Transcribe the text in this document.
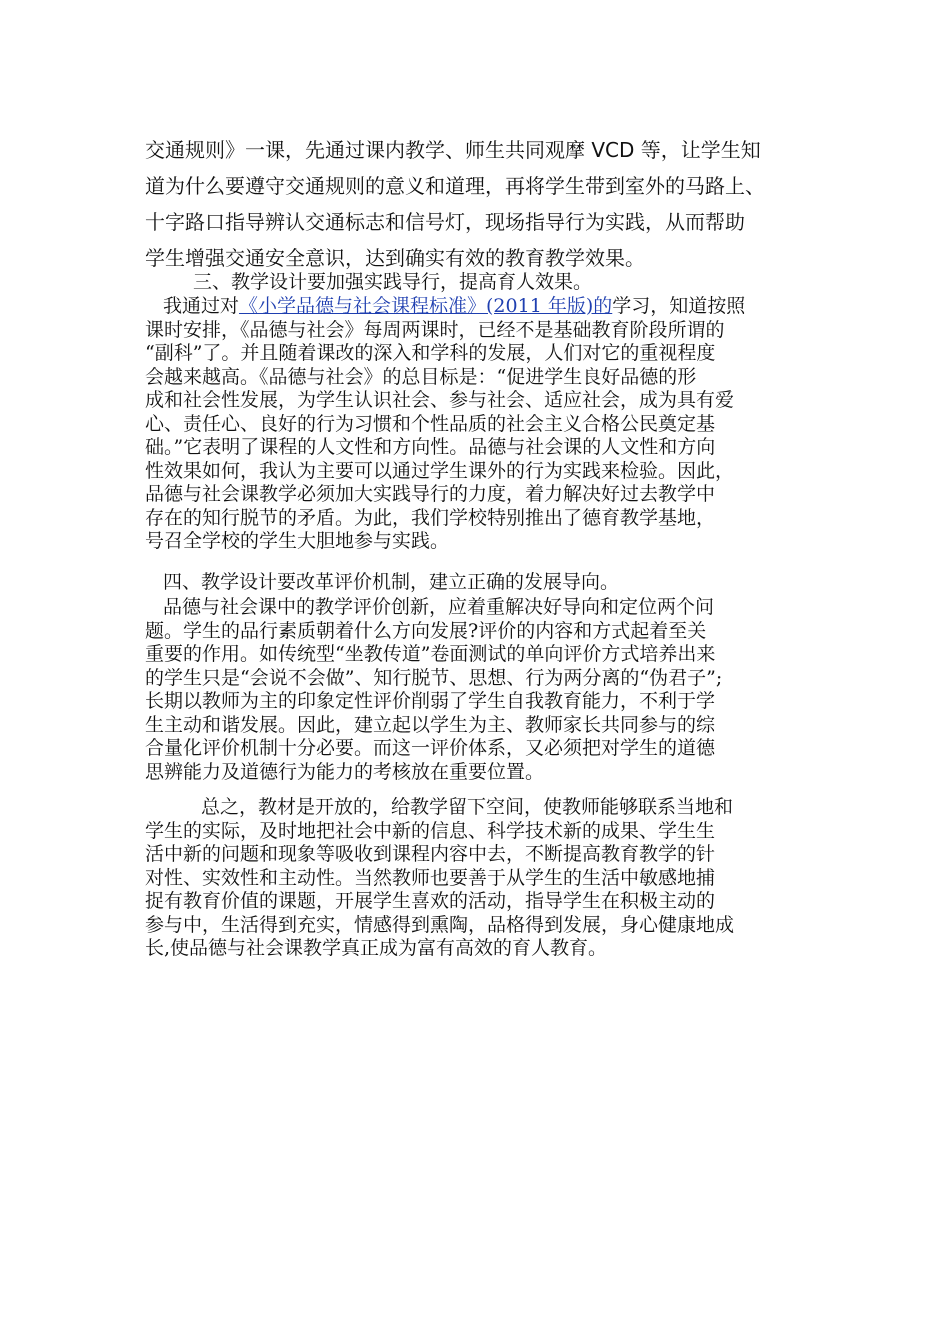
交通规则》一课，先通过课内教学、师生共同观摩 VCD 等，让学生知
道为什么要遵守交通规则的意义和道理，再将学生带到室外的马路上、
十字路口指导辨认交通标志和信号灯，现场指导行为实践，从而帮助
学生增强交通安全意识，达到确实有效的教育教学效果。
三、教学设计要加强实践导行，提高育人效果。
我通过对《小学品德与社会课程标准》(2011 年版)的学习，知道按照
课时安排，《品德与社会》每周两课时，已经不是基础教育阶段所谓的
“副科”了。并且随着课改的深入和学科的发展，人们对它的重视程度
会越来越高。《品德与社会》的总目标是：“促进学生良好品德的形
成和社会性发展，为学生认识社会、参与社会、适应社会，成为具有爱
心、责任心、良好的行为习惯和个性品质的社会主义合格公民奠定基
础。”它表明了课程的人文性和方向性。品德与社会课的人文性和方向
性效果如何，我认为主要可以通过学生课外的行为实践来检验。因此，
品德与社会课教学必须加大实践导行的力度，着力解决好过去教学中
存在的知行脱节的矛盾。为此，我们学校特别推出了德育教学基地，
号召全学校的学生大胆地参与实践。
四、教学设计要改革评价机制，建立正确的发展导向。
品德与社会课中的教学评价创新，应着重解决好导向和定位两个问
题。学生的品行素质朝着什么方向发展?评价的内容和方式起着至关
重要的作用。如传统型“坐教传道”卷面测试的单向评价方式培养出来
的学生只是“会说不会做”、知行脱节、思想、行为两分离的“伪君子”;
长期以教师为主的印象定性评价削弱了学生自我教育能力，不利于学
生主动和谐发展。因此，建立起以学生为主、教师家长共同参与的综
合量化评价机制十分必要。而这一评价体系，又必须把对学生的道德
思辨能力及道德行为能力的考核放在重要位置。
总之，教材是开放的，给教学留下空间，使教师能够联系当地和
学生的实际，及时地把社会中新的信息、科学技术新的成果、学生生
活中新的问题和现象等吸收到课程内容中去，不断提高教育教学的针
对性、实效性和主动性。当然教师也要善于从学生的生活中敏感地捕
捉有教育价值的课题，开展学生喜欢的活动，指导学生在积极主动的
参与中，生活得到充实，情感得到熏陶，品格得到发展，身心健康地成
长,使品德与社会课教学真正成为富有高效的育人教育。
